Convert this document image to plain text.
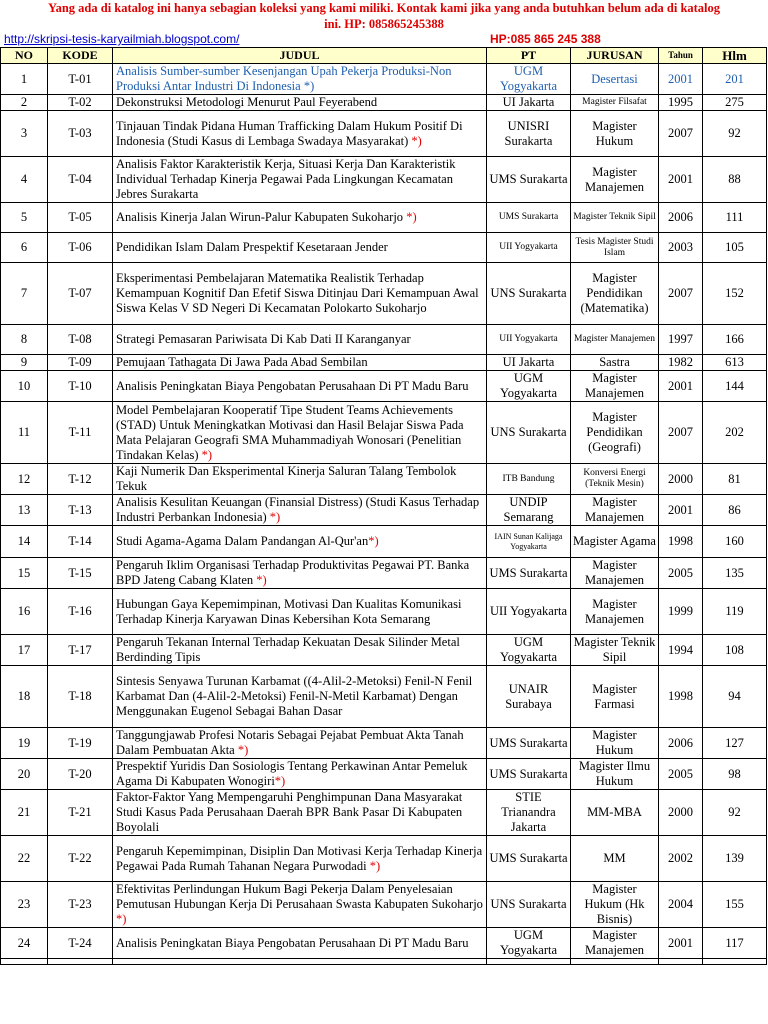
Yang ada di katalog ini hanya sebagian koleksi yang kami miliki. Kontak kami jika yang anda butuhkan belum ada di katalog
ini. HP: 085865245388
http://skripsi-tesis-karyailmiah.blogspot.com/	HP:085 865 245 388
NO	KODE	JUDUL	PT	JURUSAN	Tahun	Hlm
1	T-01	Analisis Sumber-sumber Kesenjangan Upah Pekerja Produksi-Non Produksi Antar Industri Di Indonesia *)	UGM Yogyakarta	Desertasi	2001	201
2	T-02	Dekonstruksi Metodologi Menurut Paul Feyerabend	UI Jakarta	Magister Filsafat	1995	275
3	T-03	Tinjauan Tindak Pidana Human Trafficking Dalam Hukum Positif Di Indonesia (Studi Kasus di Lembaga Swadaya Masyarakat) *)	UNISRI Surakarta	Magister Hukum	2007	92
4	T-04	Analisis Faktor Karakteristik Kerja, Situasi Kerja Dan Karakteristik Individual Terhadap Kinerja Pegawai Pada Lingkungan Kecamatan Jebres Surakarta	UMS Surakarta	Magister Manajemen	2001	88
5	T-05	Analisis Kinerja Jalan Wirun-Palur Kabupaten Sukoharjo *)	UMS Surakarta	Magister Teknik Sipil	2006	111
6	T-06	Pendidikan Islam Dalam Prespektif Kesetaraan Jender	UII Yogyakarta	Tesis Magister Studi Islam	2003	105
7	T-07	Eksperimentasi Pembelajaran Matematika Realistik Terhadap Kemampuan Kognitif Dan Efetif Siswa Ditinjau Dari Kemampuan Awal Siswa Kelas V SD Negeri Di Kecamatan Polokarto Sukoharjo	UNS Surakarta	Magister Pendidikan (Matematika)	2007	152
8	T-08	Strategi Pemasaran Pariwisata Di Kab Dati II Karanganyar	UII Yogyakarta	Magister Manajemen	1997	166
9	T-09	Pemujaan Tathagata Di Jawa Pada Abad Sembilan	UI Jakarta	Sastra	1982	613
10	T-10	Analisis Peningkatan Biaya Pengobatan Perusahaan Di PT Madu Baru	UGM Yogyakarta	Magister Manajemen	2001	144
11	T-11	Model Pembelajaran Kooperatif Tipe Student Teams Achievements (STAD) Untuk Meningkatkan Motivasi dan Hasil Belajar Siswa Pada Mata Pelajaran Geografi SMA Muhammadiyah Wonosari (Penelitian Tindakan Kelas) *)	UNS Surakarta	Magister Pendidikan (Geografi)	2007	202
12	T-12	Kaji Numerik Dan Eksperimental Kinerja Saluran Talang Tembolok Tekuk	ITB Bandung	Konversi Energi (Teknik Mesin)	2000	81
13	T-13	Analisis Kesulitan Keuangan (Finansial Distress) (Studi Kasus Terhadap Industri Perbankan Indonesia) *)	UNDIP Semarang	Magister Manajemen	2001	86
14	T-14	Studi Agama-Agama Dalam Pandangan Al-Qur'an*)	IAIN Sunan Kalijaga Yogyakarta	Magister Agama	1998	160
15	T-15	Pengaruh Iklim Organisasi Terhadap Produktivitas Pegawai PT. Banka BPD Jateng Cabang Klaten *)	UMS Surakarta	Magister Manajemen	2005	135
16	T-16	Hubungan Gaya Kepemimpinan, Motivasi Dan Kualitas Komunikasi Terhadap Kinerja Karyawan Dinas Kebersihan Kota Semarang	UII Yogyakarta	Magister Manajemen	1999	119
17	T-17	Pengaruh Tekanan Internal Terhadap Kekuatan Desak Silinder Metal Berdinding Tipis	UGM Yogyakarta	Magister Teknik Sipil	1994	108
18	T-18	Sintesis Senyawa Turunan Karbamat ((4-Alil-2-Metoksi) Fenil-N Fenil Karbamat Dan (4-Alil-2-Metoksi) Fenil-N-Metil Karbamat) Dengan Menggunakan Eugenol Sebagai Bahan Dasar	UNAIR Surabaya	Magister Farmasi	1998	94
19	T-19	Tanggungjawab Profesi Notaris Sebagai Pejabat Pembuat Akta Tanah Dalam Pembuatan Akta *)	UMS Surakarta	Magister Hukum	2006	127
20	T-20	Prespektif Yuridis Dan Sosiologis Tentang Perkawinan Antar Pemeluk Agama Di Kabupaten Wonogiri*)	UMS Surakarta	Magister Ilmu Hukum	2005	98
21	T-21	Faktor-Faktor Yang Mempengaruhi Penghimpunan Dana Masyarakat Studi Kasus Pada Perusahaan Daerah BPR Bank Pasar Di Kabupaten Boyolali	STIE Trianandra Jakarta	MM-MBA	2000	92
22	T-22	Pengaruh Kepemimpinan, Disiplin Dan Motivasi Kerja Terhadap Kinerja Pegawai Pada Rumah Tahanan Negara Purwodadi *)	UMS Surakarta	MM	2002	139
23	T-23	Efektivitas Perlindungan Hukum Bagi Pekerja Dalam Penyelesaian Pemutusan Hubungan Kerja Di Perusahaan Swasta Kabupaten Sukoharjo *)	UNS Surakarta	Magister Hukum (Hk Bisnis)	2004	155
24	T-24	Analisis Peningkatan Biaya Pengobatan Perusahaan Di PT Madu Baru	UGM Yogyakarta	Magister Manajemen	2001	117
